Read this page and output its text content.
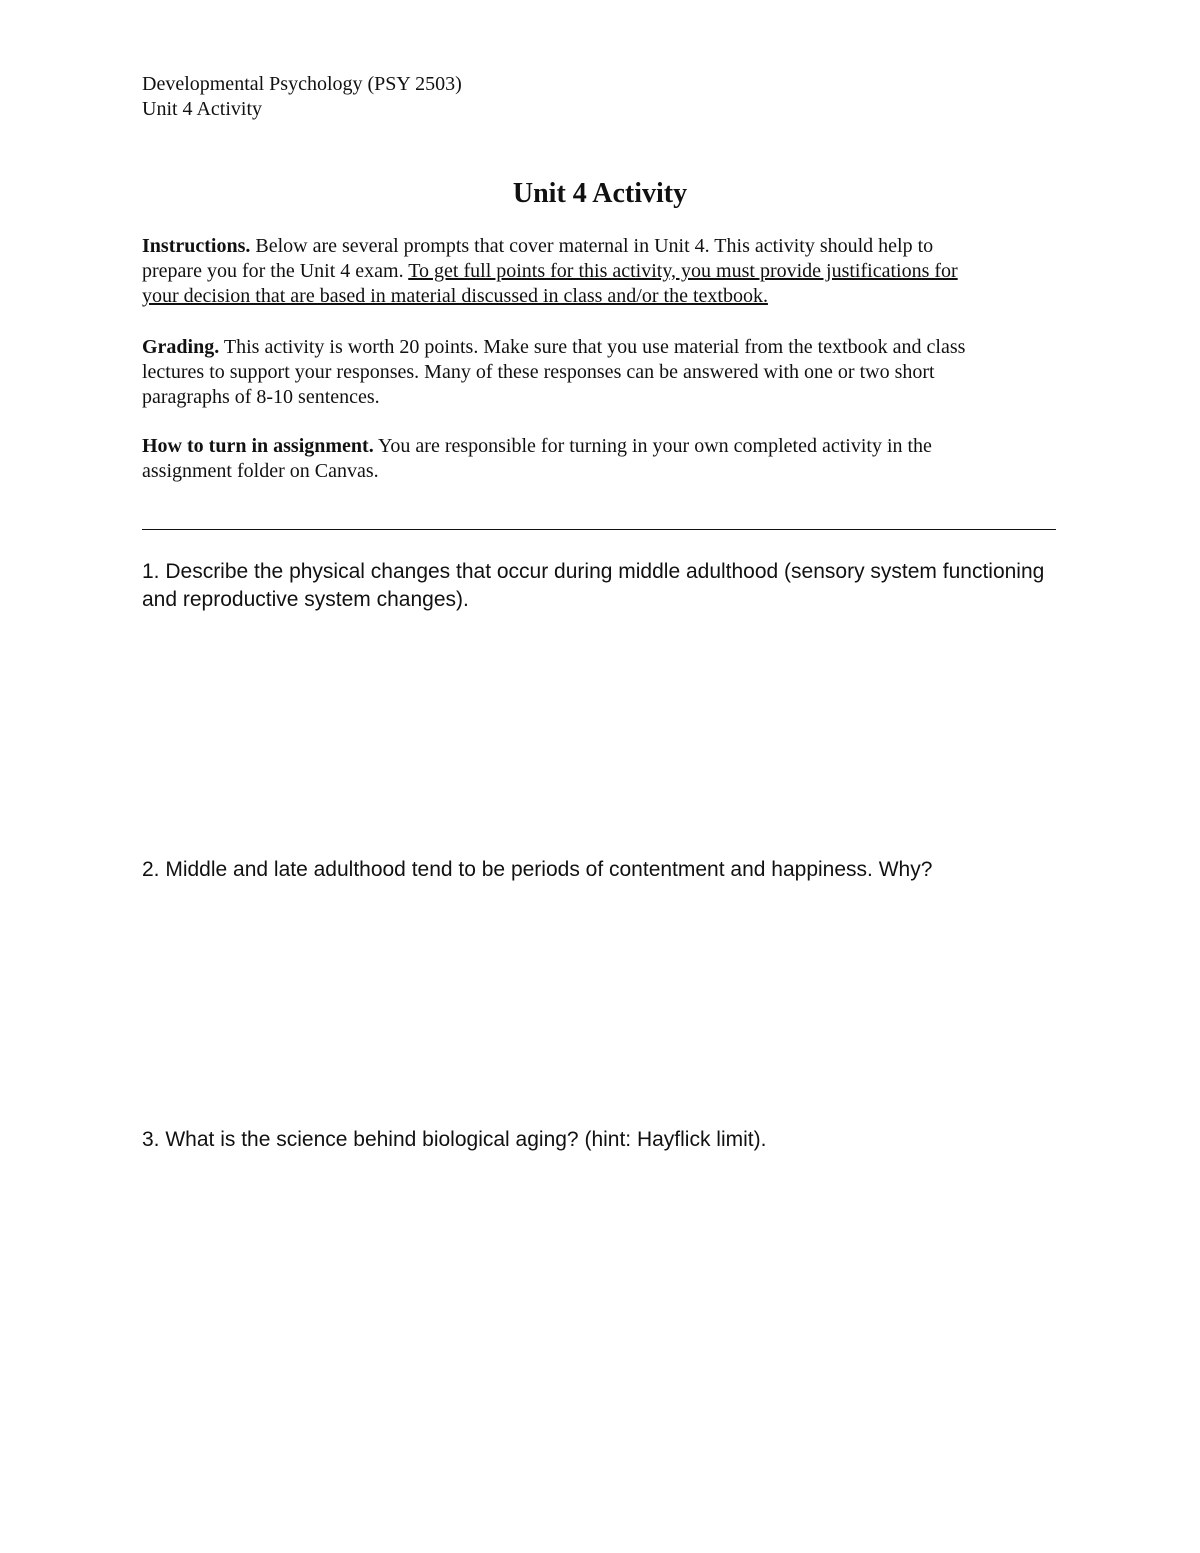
Developmental Psychology (PSY 2503)
Unit 4 Activity
Unit 4 Activity
Instructions. Below are several prompts that cover maternal in Unit 4. This activity should help to
prepare you for the Unit 4 exam. To get full points for this activity, you must provide justifications for
your decision that are based in material discussed in class and/or the textbook.
Grading. This activity is worth 20 points. Make sure that you use material from the textbook and class
lectures to support your responses. Many of these responses can be answered with one or two short
paragraphs of 8-10 sentences.
How to turn in assignment. You are responsible for turning in your own completed activity in the
assignment folder on Canvas.
1. Describe the physical changes that occur during middle adulthood (sensory system functioning
and reproductive system changes).
2. Middle and late adulthood tend to be periods of contentment and happiness. Why?
3. What is the science behind biological aging? (hint: Hayflick limit).
